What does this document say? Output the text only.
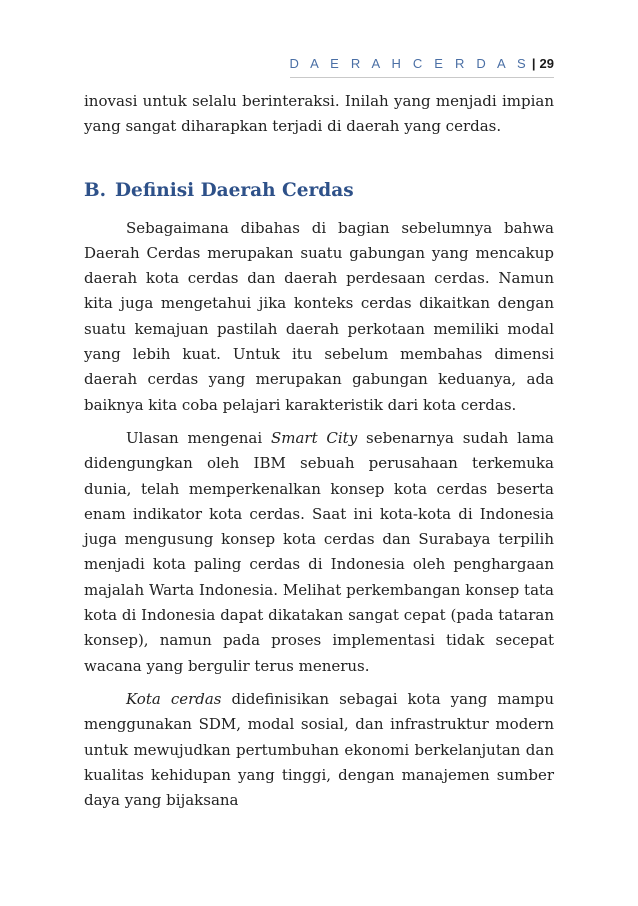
D A E R A H C E R D A S | 29

inovasi untuk selalu berinteraksi. Inilah yang menjadi impian yang sangat diharapkan terjadi di daerah yang cerdas.

B. Definisi Daerah Cerdas

Sebagaimana dibahas di bagian sebelumnya bahwa Daerah Cerdas merupakan suatu gabungan yang mencakup daerah kota cerdas dan daerah perdesaan cerdas. Namun kita juga mengetahui jika konteks cerdas dikaitkan dengan suatu kemajuan pastilah daerah perkotaan memiliki modal yang lebih kuat. Untuk itu sebelum membahas dimensi daerah cerdas yang merupakan gabungan keduanya, ada baiknya kita coba pelajari karakteristik dari kota cerdas.

Ulasan mengenai Smart City sebenarnya sudah lama didengungkan oleh IBM sebuah perusahaan terkemuka dunia, telah memperkenalkan konsep kota cerdas beserta enam indikator kota cerdas. Saat ini kota-kota di Indonesia juga mengusung konsep kota cerdas dan Surabaya terpilih menjadi kota paling cerdas di Indonesia oleh penghargaan majalah Warta Indonesia. Melihat perkembangan konsep tata kota di Indonesia dapat dikatakan sangat cepat (pada tataran konsep), namun pada proses implementasi tidak secepat wacana yang bergulir terus menerus.

Kota cerdas didefinisikan sebagai kota yang mampu menggunakan SDM, modal sosial, dan infrastruktur modern untuk mewujudkan pertumbuhan ekonomi berkelanjutan dan kualitas kehidupan yang tinggi, dengan manajemen sumber daya yang bijaksana
